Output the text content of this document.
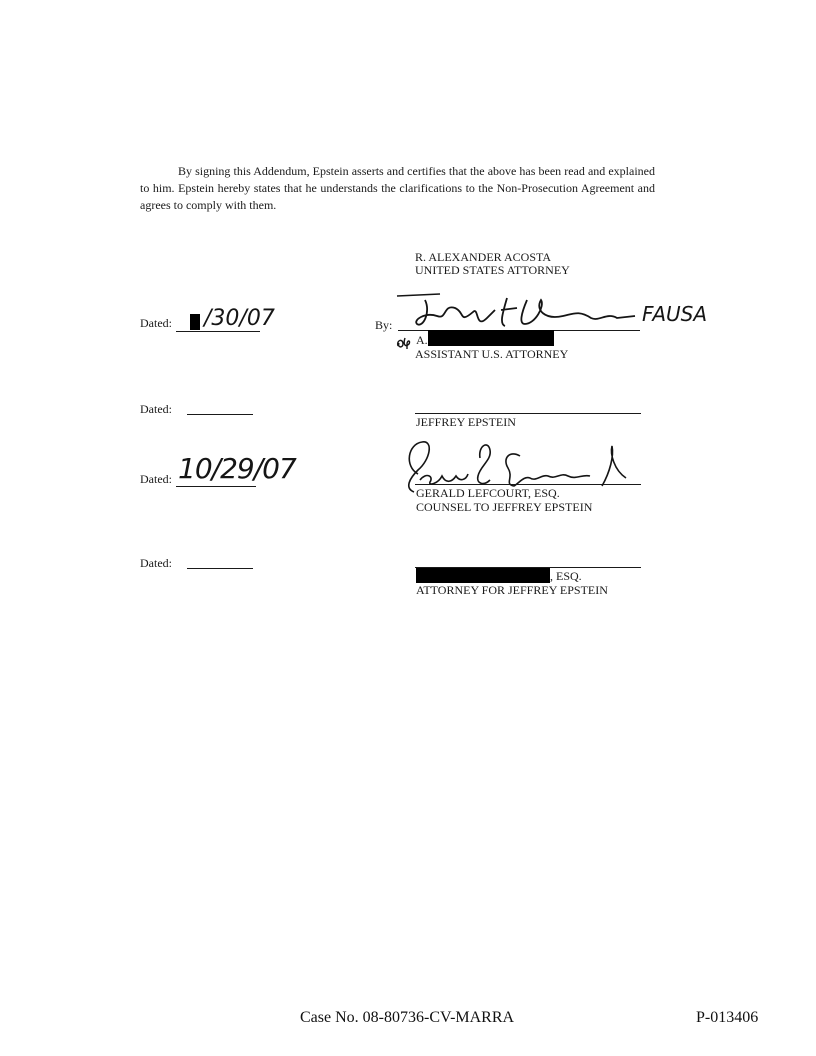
By signing this Addendum, Epstein asserts and certifies that the above has been read and explained to him. Epstein hereby states that he understands the clarifications to the Non-Prosecution Agreement and agrees to comply with them.
R. ALEXANDER ACOSTA
UNITED STATES ATTORNEY
Dated: /30/07	By:	FAUSA
A.
ASSISTANT U.S. ATTORNEY
Dated:
JEFFREY EPSTEIN
Dated: 10/29/07
GERALD LEFCOURT, ESQ.
COUNSEL TO JEFFREY EPSTEIN
Dated:
, ESQ.
ATTORNEY FOR JEFFREY EPSTEIN
Case No. 08-80736-CV-MARRA	P-013406
